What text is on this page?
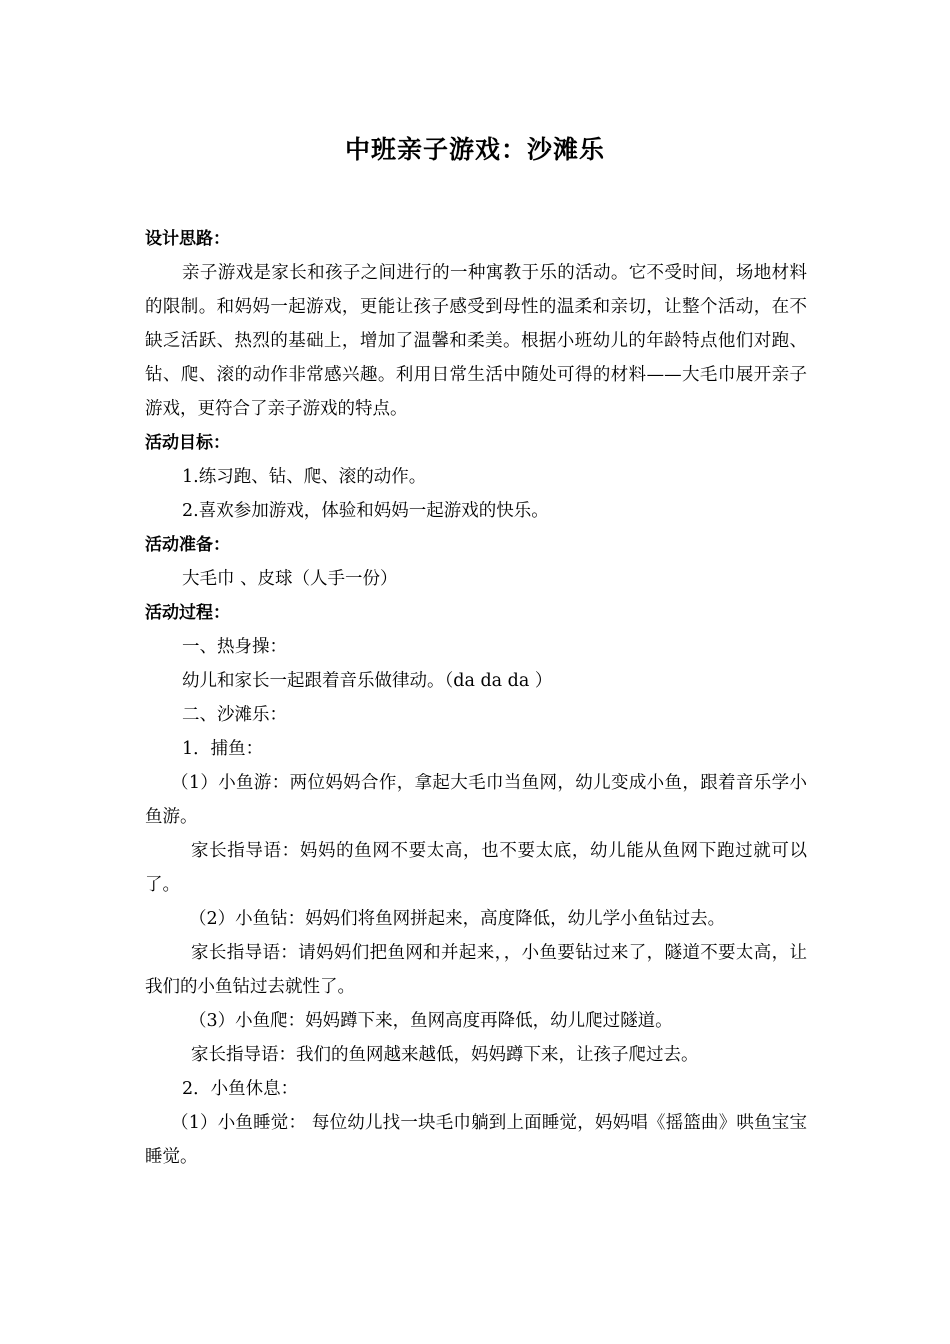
中班亲子游戏：沙滩乐

设计思路：

亲子游戏是家长和孩子之间进行的一种寓教于乐的活动。它不受时间，场地材料的限制。和妈妈一起游戏，更能让孩子感受到母性的温柔和亲切，让整个活动，在不缺乏活跃、热烈的基础上，增加了温馨和柔美。根据小班幼儿的年龄特点他们对跑、钻、爬、滚的动作非常感兴趣。利用日常生活中随处可得的材料——大毛巾展开亲子游戏，更符合了亲子游戏的特点。

活动目标：

1.练习跑、钻、爬、滚的动作。

2.喜欢参加游戏，体验和妈妈一起游戏的快乐。

活动准备：

大毛巾 、皮球（人手一份）

活动过程：

一、热身操：

幼儿和家长一起跟着音乐做律动。（da da da ）

二、沙滩乐：

1．捕鱼：

（1）小鱼游：两位妈妈合作，拿起大毛巾当鱼网，幼儿变成小鱼，跟着音乐学小鱼游。

家长指导语：妈妈的鱼网不要太高，也不要太底，幼儿能从鱼网下跑过就可以了。

（2）小鱼钻：妈妈们将鱼网拼起来，高度降低，幼儿学小鱼钻过去。

家长指导语：请妈妈们把鱼网和并起来，，小鱼要钻过来了，隧道不要太高，让我们的小鱼钻过去就性了。

（3）小鱼爬：妈妈蹲下来，鱼网高度再降低，幼儿爬过隧道。

家长指导语：我们的鱼网越来越低，妈妈蹲下来，让孩子爬过去。

2．小鱼休息：

（1）小鱼睡觉： 每位幼儿找一块毛巾躺到上面睡觉，妈妈唱《摇篮曲》哄鱼宝宝睡觉。
